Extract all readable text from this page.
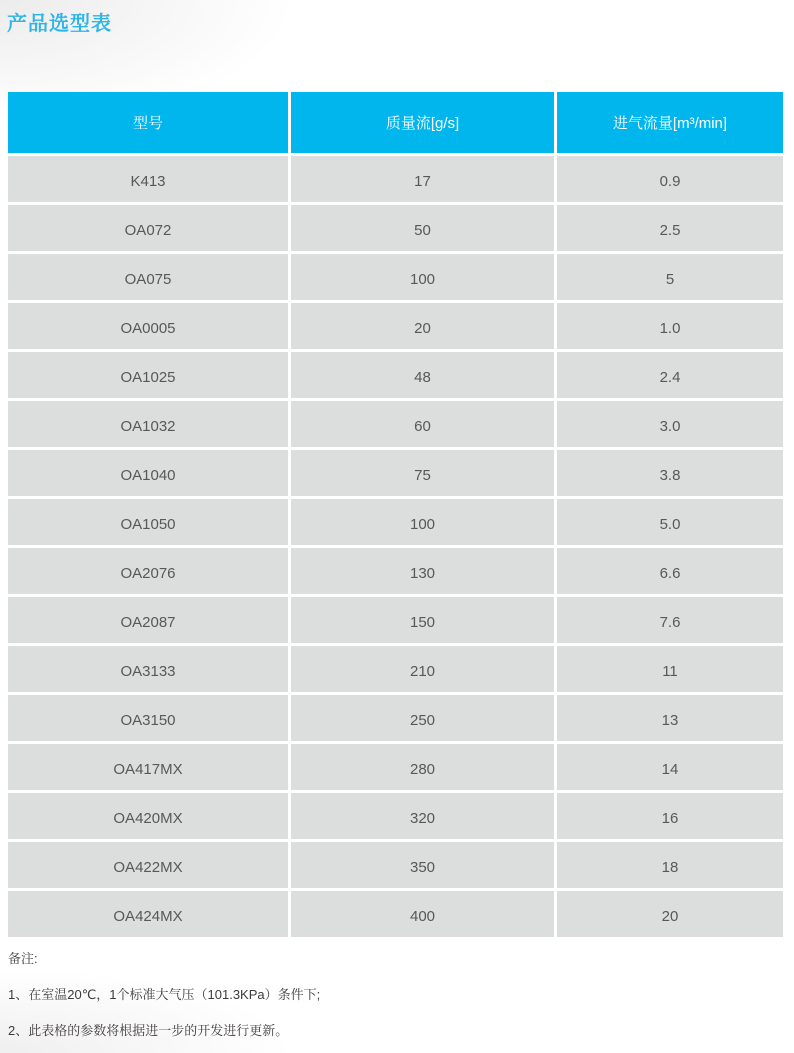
产品选型表
型号	质量流[g/s]	进气流量[m³/min]
K413	17	0.9
OA072	50	2.5
OA075	100	5
OA0005	20	1.0
OA1025	48	2.4
OA1032	60	3.0
OA1040	75	3.8
OA1050	100	5.0
OA2076	130	6.6
OA2087	150	7.6
OA3133	210	11
OA3150	250	13
OA417MX	280	14
OA420MX	320	16
OA422MX	350	18
OA424MX	400	20
备注:
1、在室温20℃，1个标准大气压（101.3KPa）条件下;
2、此表格的参数将根据进一步的开发进行更新。
